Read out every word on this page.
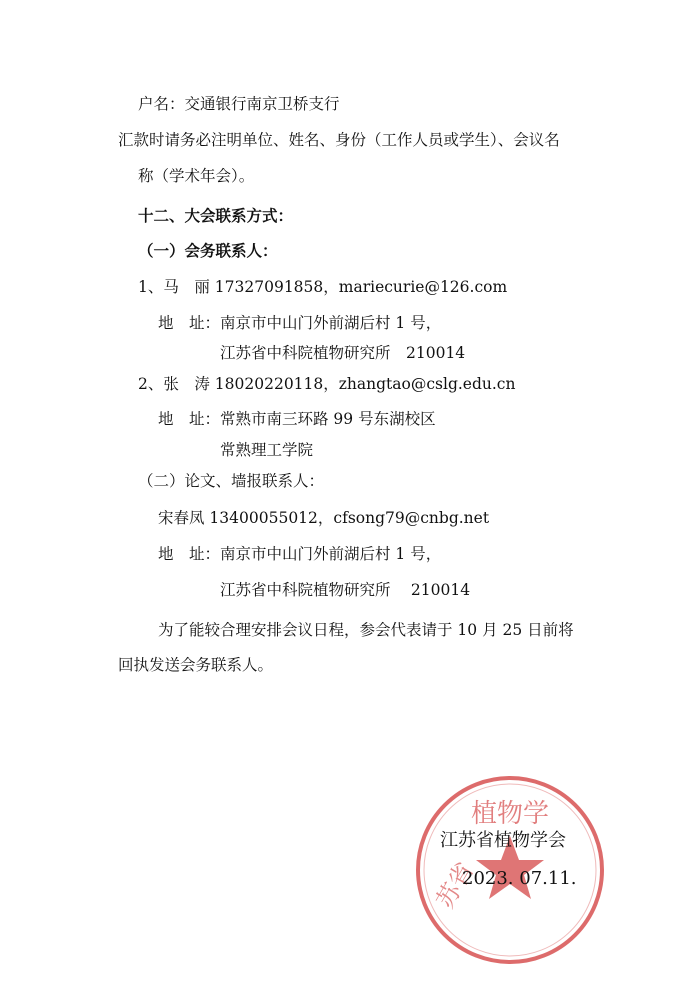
户名：交通银行南京卫桥支行
汇款时请务必注明单位、姓名、身份（工作人员或学生）、会议名
称（学术年会）。
十二、大会联系方式：
（一）会务联系人：
1、马　丽 17327091858，mariecurie@126.com
地　址：南京市中山门外前湖后村 1 号，
江苏省中科院植物研究所　210014
2、张　涛 18020220118，zhangtao@cslg.edu.cn
地　址：常熟市南三环路 99 号东湖校区
常熟理工学院
（二）论文、墙报联系人：
宋春凤 13400055012，cfsong79@cnbg.net
地　址：南京市中山门外前湖后村 1 号，
江苏省中科院植物研究所　 210014
为了能较合理安排会议日程，参会代表请于 10 月 25 日前将
回执发送会务联系人。
植物学
苏省
江苏省植物学会
2023. 07.11.
